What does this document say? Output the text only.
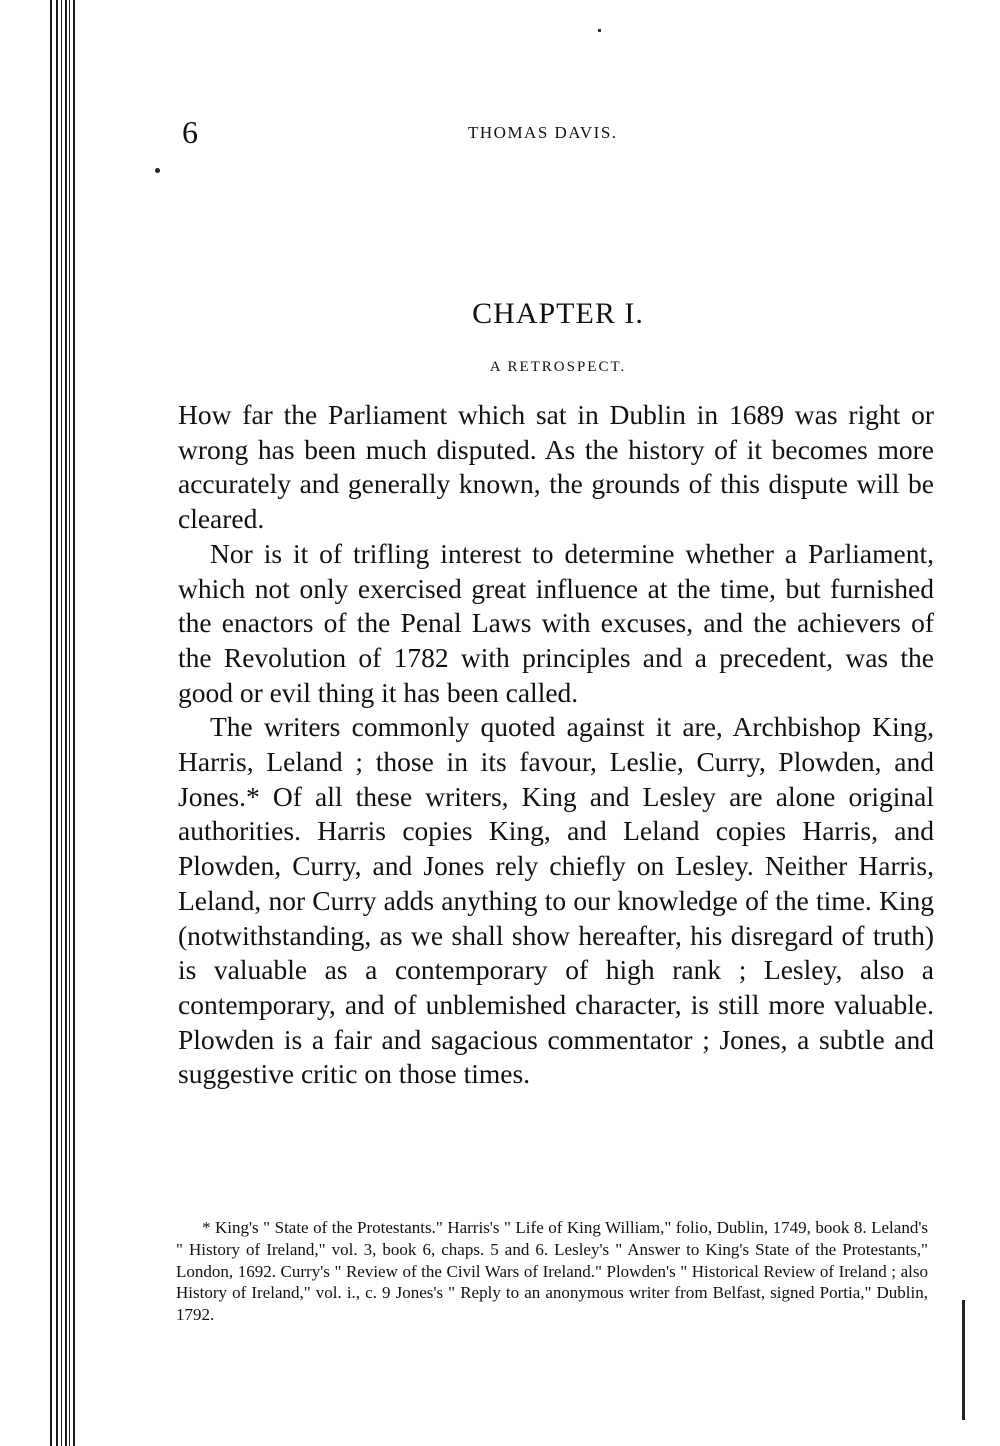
6	THOMAS DAVIS.
CHAPTER I.
A RETROSPECT.

How far the Parliament which sat in Dublin in 1689 was right or wrong has been much disputed. As the history of it becomes more accurately and generally known, the grounds of this dispute will be cleared.

Nor is it of trifling interest to determine whether a Parliament, which not only exercised great influence at the time, but furnished the enactors of the Penal Laws with excuses, and the achievers of the Revolution of 1782 with principles and a precedent, was the good or evil thing it has been called.

The writers commonly quoted against it are, Archbishop King, Harris, Leland ; those in its favour, Leslie, Curry, Plowden, and Jones.* Of all these writers, King and Lesley are alone original authorities. Harris copies King, and Leland copies Harris, and Plowden, Curry, and Jones rely chiefly on Lesley. Neither Harris, Leland, nor Curry adds anything to our knowledge of the time. King (notwithstanding, as we shall show hereafter, his disregard of truth) is valuable as a contemporary of high rank ; Lesley, also a contemporary, and of unblemished character, is still more valuable. Plowden is a fair and sagacious commentator ; Jones, a subtle and suggestive critic on those times.

* King's " State of the Protestants." Harris's " Life of King William," folio, Dublin, 1749, book 8. Leland's " History of Ireland," vol. 3, book 6, chaps. 5 and 6. Lesley's " Answer to King's State of the Protestants," London, 1692. Curry's " Review of the Civil Wars of Ireland." Plowden's " Historical Review of Ireland ; also History of Ireland," vol. i., c. 9 Jones's " Reply to an anonymous writer from Belfast, signed Portia," Dublin, 1792.
